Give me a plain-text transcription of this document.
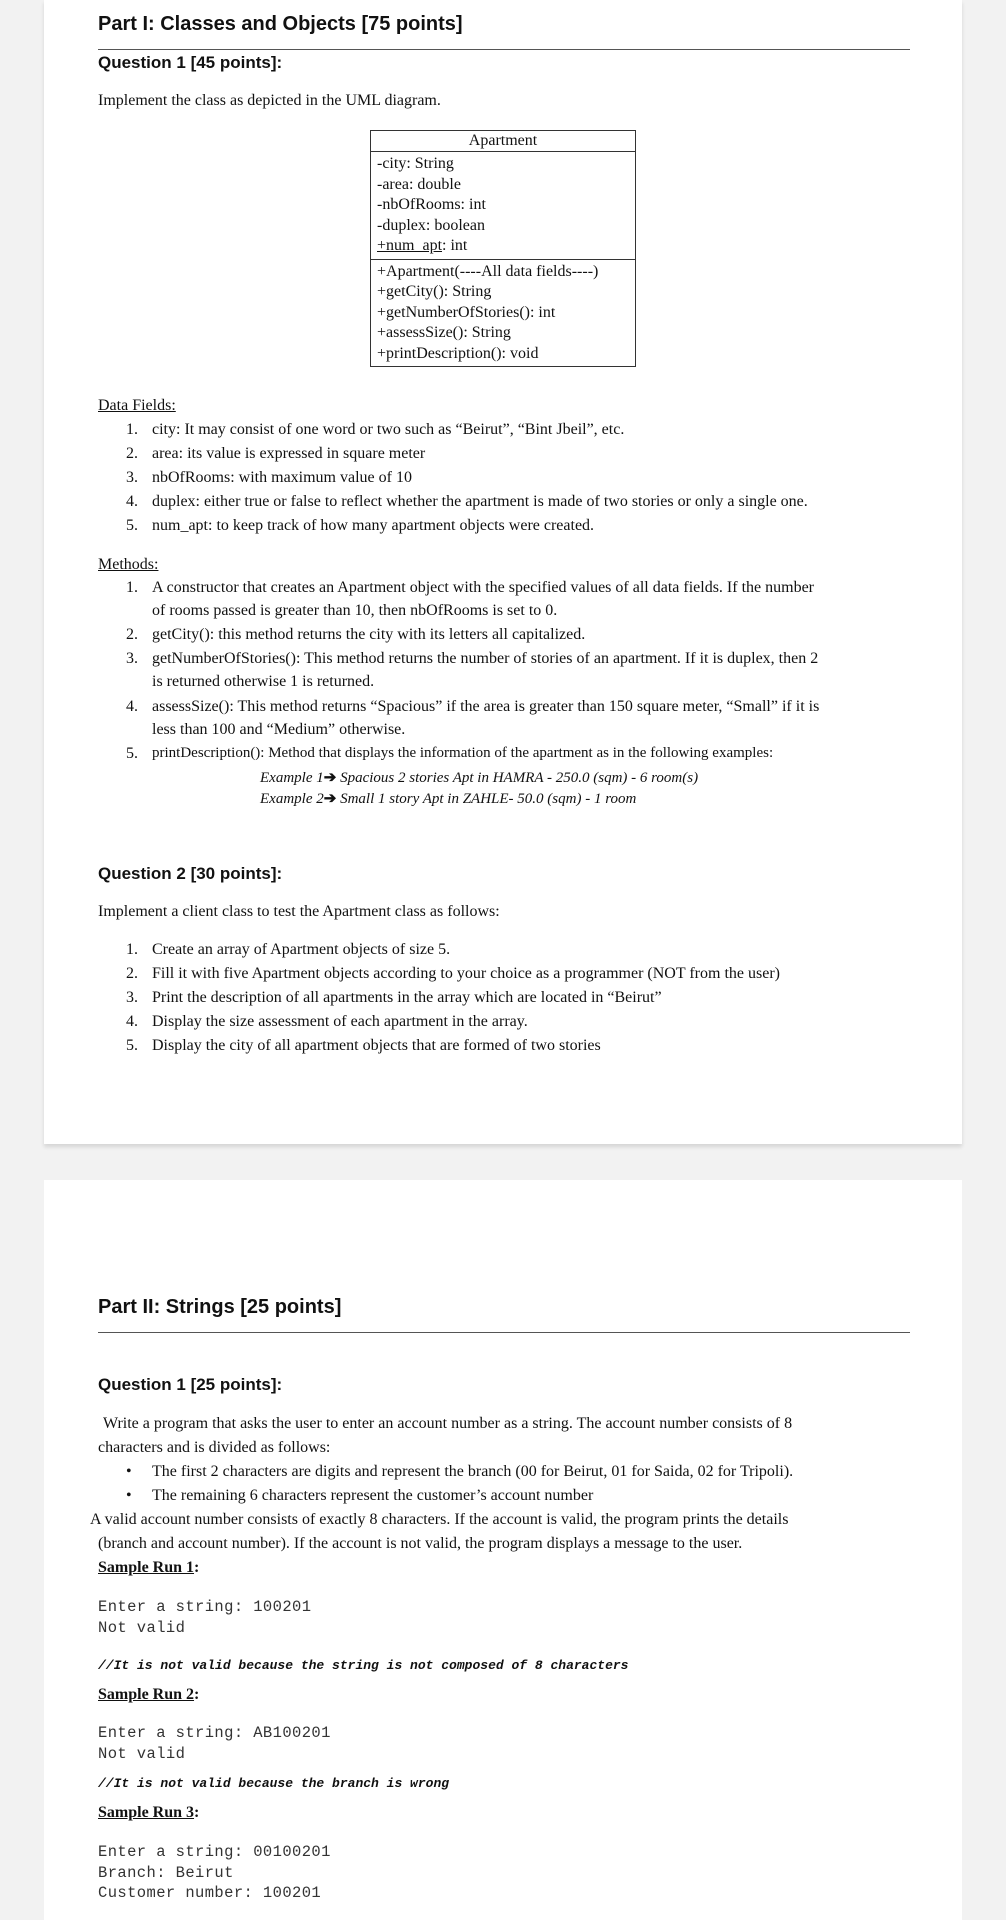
Part I: Classes and Objects [75 points]
Question 1 [45 points]:
Implement the class as depicted in the UML diagram.
Apartment
-city: String
-area: double
-nbOfRooms: int
-duplex: boolean
+num_apt: int
+Apartment(----All data fields----)
+getCity(): String
+getNumberOfStories(): int
+assessSize(): String
+printDescription(): void
Data Fields:
1. city: It may consist of one word or two such as “Beirut”, “Bint Jbeil”, etc.
2. area: its value is expressed in square meter
3. nbOfRooms: with maximum value of 10
4. duplex: either true or false to reflect whether the apartment is made of two stories or only a single one.
5. num_apt: to keep track of how many apartment objects were created.
Methods:
1. A constructor that creates an Apartment object with the specified values of all data fields. If the number
of rooms passed is greater than 10, then nbOfRooms is set to 0.
2. getCity(): this method returns the city with its letters all capitalized.
3. getNumberOfStories(): This method returns the number of stories of an apartment. If it is duplex, then 2
is returned otherwise 1 is returned.
4. assessSize(): This method returns “Spacious” if the area is greater than 150 square meter, “Small” if it is
less than 100 and “Medium” otherwise.
5. printDescription(): Method that displays the information of the apartment as in the following examples:
Example 1➔ Spacious 2 stories Apt in HAMRA - 250.0 (sqm) - 6 room(s)
Example 2➔ Small 1 story Apt in ZAHLE- 50.0 (sqm) - 1 room
Question 2 [30 points]:
Implement a client class to test the Apartment class as follows:
1. Create an array of Apartment objects of size 5.
2. Fill it with five Apartment objects according to your choice as a programmer (NOT from the user)
3. Print the description of all apartments in the array which are located in “Beirut”
4. Display the size assessment of each apartment in the array.
5. Display the city of all apartment objects that are formed of two stories
Part II: Strings [25 points]
Question 1 [25 points]:
Write a program that asks the user to enter an account number as a string. The account number consists of 8
characters and is divided as follows:
• The first 2 characters are digits and represent the branch (00 for Beirut, 01 for Saida, 02 for Tripoli).
• The remaining 6 characters represent the customer’s account number
A valid account number consists of exactly 8 characters. If the account is valid, the program prints the details
(branch and account number). If the account is not valid, the program displays a message to the user.
Sample Run 1:
Enter a string: 100201
Not valid
//It is not valid because the string is not composed of 8 characters
Sample Run 2:
Enter a string: AB100201
Not valid
//It is not valid because the branch is wrong
Sample Run 3:
Enter a string: 00100201
Branch: Beirut
Customer number: 100201
